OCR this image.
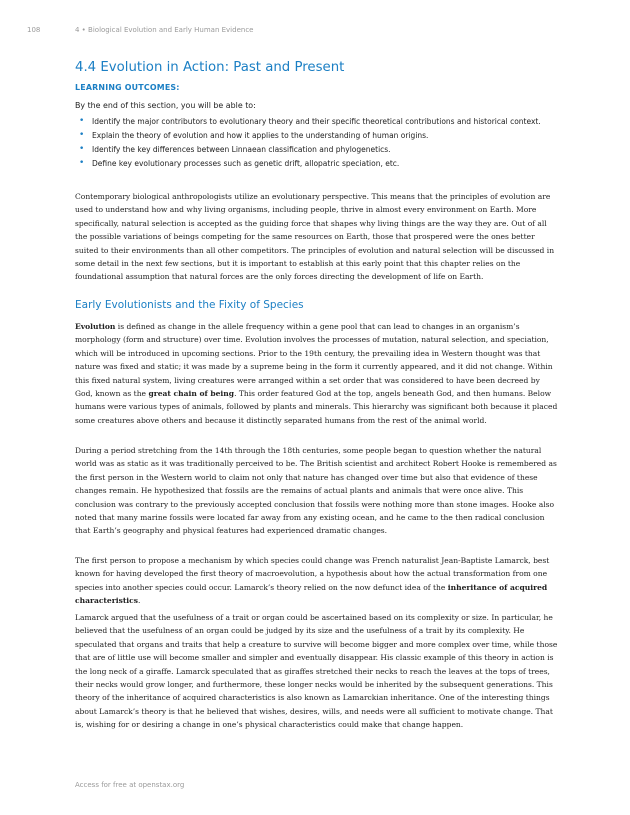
108	4 • Biological Evolution and Early Human Evidence
4.4 Evolution in Action: Past and Present
LEARNING OUTCOMES:

By the end of this section, you will be able to:

• Identify the major contributors to evolutionary theory and their specific theoretical contributions and historical context.
• Explain the theory of evolution and how it applies to the understanding of human origins.
• Identify the key differences between Linnaean classification and phylogenetics.
• Define key evolutionary processes such as genetic drift, allopatric speciation, etc.

Contemporary biological anthropologists utilize an evolutionary perspective. This means that the principles of evolution are used to understand how and why living organisms, including people, thrive in almost every environment on Earth. More specifically, natural selection is accepted as the guiding force that shapes why living things are the way they are. Out of all the possible variations of beings competing for the same resources on Earth, those that prospered were the ones better suited to their environments than all other competitors. The principles of evolution and natural selection will be discussed in some detail in the next few sections, but it is important to establish at this early point that this chapter relies on the foundational assumption that natural forces are the only forces directing the development of life on Earth.

Early Evolutionists and the Fixity of Species

Evolution is defined as change in the allele frequency within a gene pool that can lead to changes in an organism’s morphology (form and structure) over time. Evolution involves the processes of mutation, natural selection, and speciation, which will be introduced in upcoming sections. Prior to the 19th century, the prevailing idea in Western thought was that nature was fixed and static; it was made by a supreme being in the form it currently appeared, and it did not change. Within this fixed natural system, living creatures were arranged within a set order that was considered to have been decreed by God, known as the great chain of being. This order featured God at the top, angels beneath God, and then humans. Below humans were various types of animals, followed by plants and minerals. This hierarchy was significant both because it placed some creatures above others and because it distinctly separated humans from the rest of the animal world.

During a period stretching from the 14th through the 18th centuries, some people began to question whether the natural world was as static as it was traditionally perceived to be. The British scientist and architect Robert Hooke is remembered as the first person in the Western world to claim not only that nature has changed over time but also that evidence of these changes remain. He hypothesized that fossils are the remains of actual plants and animals that were once alive. This conclusion was contrary to the previously accepted conclusion that fossils were nothing more than stone images. Hooke also noted that many marine fossils were located far away from any existing ocean, and he came to the then radical conclusion that Earth’s geography and physical features had experienced dramatic changes.

The first person to propose a mechanism by which species could change was French naturalist Jean-Baptiste Lamarck, best known for having developed the first theory of macroevolution, a hypothesis about how the actual transformation from one species into another species could occur. Lamarck’s theory relied on the now defunct idea of the inheritance of acquired characteristics.

Lamarck argued that the usefulness of a trait or organ could be ascertained based on its complexity or size. In particular, he believed that the usefulness of an organ could be judged by its size and the usefulness of a trait by its complexity. He speculated that organs and traits that help a creature to survive will become bigger and more complex over time, while those that are of little use will become smaller and simpler and eventually disappear. His classic example of this theory in action is the long neck of a giraffe. Lamarck speculated that as giraffes stretched their necks to reach the leaves at the tops of trees, their necks would grow longer, and furthermore, these longer necks would be inherited by the subsequent generations. This theory of the inheritance of acquired characteristics is also known as Lamarckian inheritance. One of the interesting things about Lamarck’s theory is that he believed that wishes, desires, wills, and needs were all sufficient to motivate change. That is, wishing for or desiring a change in one’s physical characteristics could make that change happen.

Access for free at openstax.org
